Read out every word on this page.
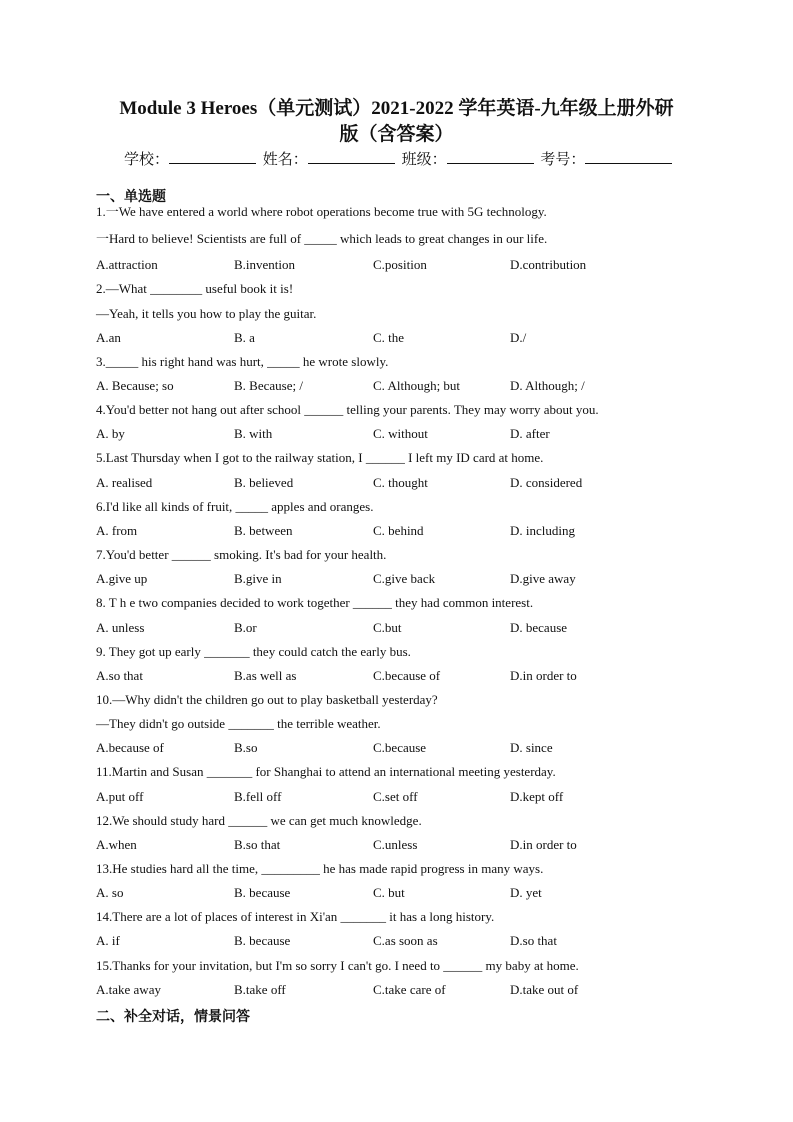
Module 3 Heroes（单元测试）2021-2022 学年英语-九年级上册外研
版（含答案）
学校：	姓名：	班级：	考号：
一、单选题
1.一We have entered a world where robot operations become true with 5G technology.
一Hard to believe! Scientists are full of _____ which leads to great changes in our life.
A.attraction	B.invention	C.position	D.contribution
2.—What ________ useful book it is!
—Yeah, it tells you how to play the guitar.
A.an	B. a	C. the	D./
3._____ his right hand was hurt, _____ he wrote slowly.
A. Because; so	B. Because; /	C. Although; but	D. Although; /
4.You'd better not hang out after school ______ telling your parents. They may worry about you.
A. by	B. with	C. without	D. after
5.Last Thursday when I got to the railway station, I ______ I left my ID card at home.
A. realised	B. believed	C. thought	D. considered
6.I'd like all kinds of fruit, _____ apples and oranges.
A. from	B. between	C. behind	D. including
7.You'd better ______ smoking. It's bad for your health.
A.give up	B.give in	C.give back	D.give away
8. T h e two companies decided to work together ______ they had common interest.
A. unless	B.or	C.but	D. because
9. They got up early _______ they could catch the early bus.
A.so that	B.as well as	C.because of	D.in order to
10.—Why didn't the children go out to play basketball yesterday?
—They didn't go outside _______ the terrible weather.
A.because of	B.so	C.because	D. since
11.Martin and Susan _______ for Shanghai to attend an international meeting yesterday.
A.put off	B.fell off	C.set off	D.kept off
12.We should study hard ______ we can get much knowledge.
A.when	B.so that	C.unless	D.in order to
13.He studies hard all the time, _________ he has made rapid progress in many ways.
A. so	B. because	C. but	D. yet
14.There are a lot of places of interest in Xi'an _______ it has a long history.
A. if	B. because	C.as soon as	D.so that
15.Thanks for your invitation, but I'm so sorry I can't go. I need to ______ my baby at home.
A.take away	B.take off	C.take care of	D.take out of
二、补全对话，情景问答
